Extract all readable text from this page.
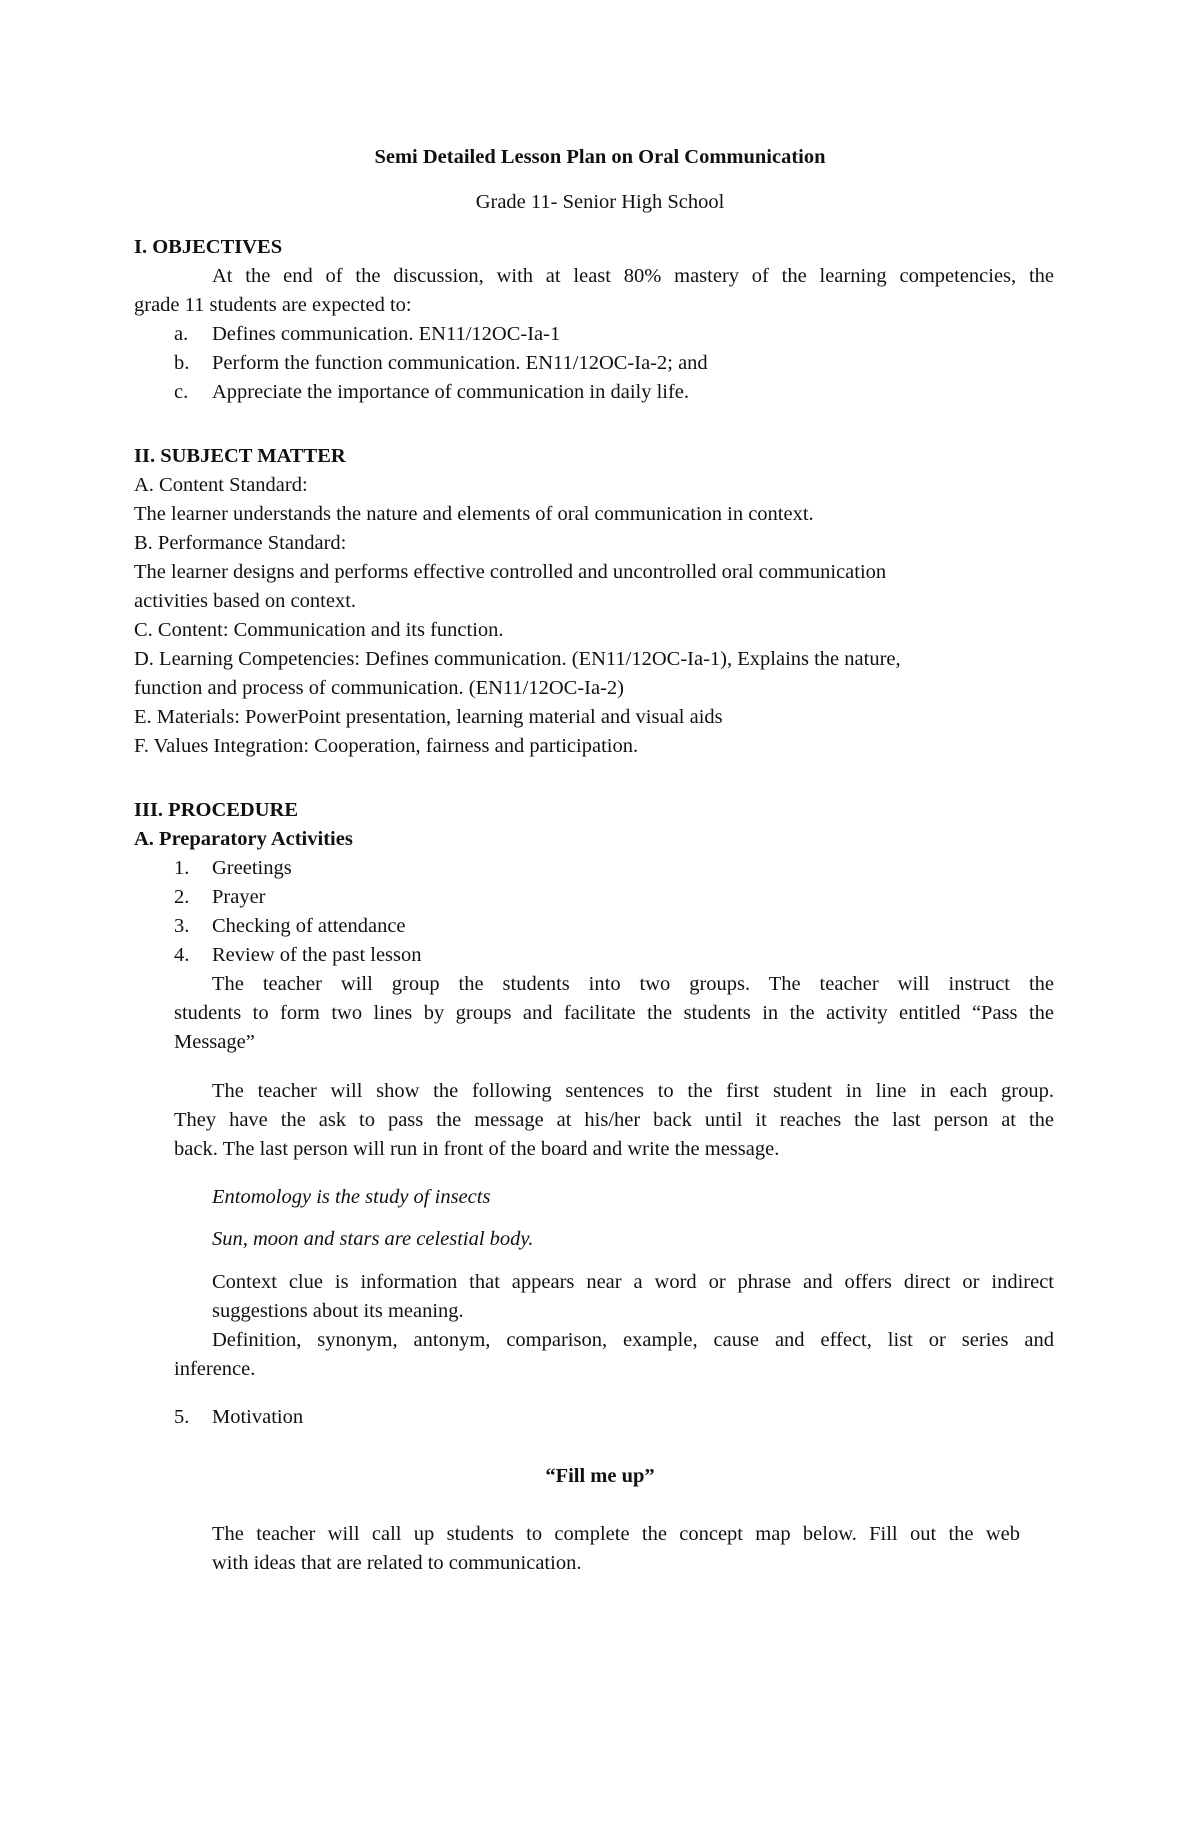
Semi Detailed Lesson Plan on Oral Communication
Grade 11- Senior High School
I. OBJECTIVES
At the end of the discussion, with at least 80% mastery of the learning competencies, the
grade 11 students are expected to:
a. Defines communication. EN11/12OC-Ia-1
b. Perform the function communication. EN11/12OC-Ia-2; and
c. Appreciate the importance of communication in daily life.
II. SUBJECT MATTER
A. Content Standard:
The learner understands the nature and elements of oral communication in context.
B. Performance Standard:
The learner designs and performs effective controlled and uncontrolled oral communication
activities based on context.
C. Content: Communication and its function.
D. Learning Competencies: Defines communication. (EN11/12OC-Ia-1), Explains the nature,
function and process of communication. (EN11/12OC-Ia-2)
E. Materials: PowerPoint presentation, learning material and visual aids
F. Values Integration: Cooperation, fairness and participation.
III. PROCEDURE
A. Preparatory Activities
1. Greetings
2. Prayer
3. Checking of attendance
4. Review of the past lesson
The teacher will group the students into two groups. The teacher will instruct the
students to form two lines by groups and facilitate the students in the activity entitled “Pass the
Message”
The teacher will show the following sentences to the first student in line in each group.
They have the ask to pass the message at his/her back until it reaches the last person at the
back. The last person will run in front of the board and write the message.
Entomology is the study of insects
Sun, moon and stars are celestial body.
Context clue is information that appears near a word or phrase and offers direct or indirect
suggestions about its meaning.
Definition, synonym, antonym, comparison, example, cause and effect, list or series and
inference.
5. Motivation
“Fill me up”
The teacher will call up students to complete the concept map below. Fill out the web
with ideas that are related to communication.
